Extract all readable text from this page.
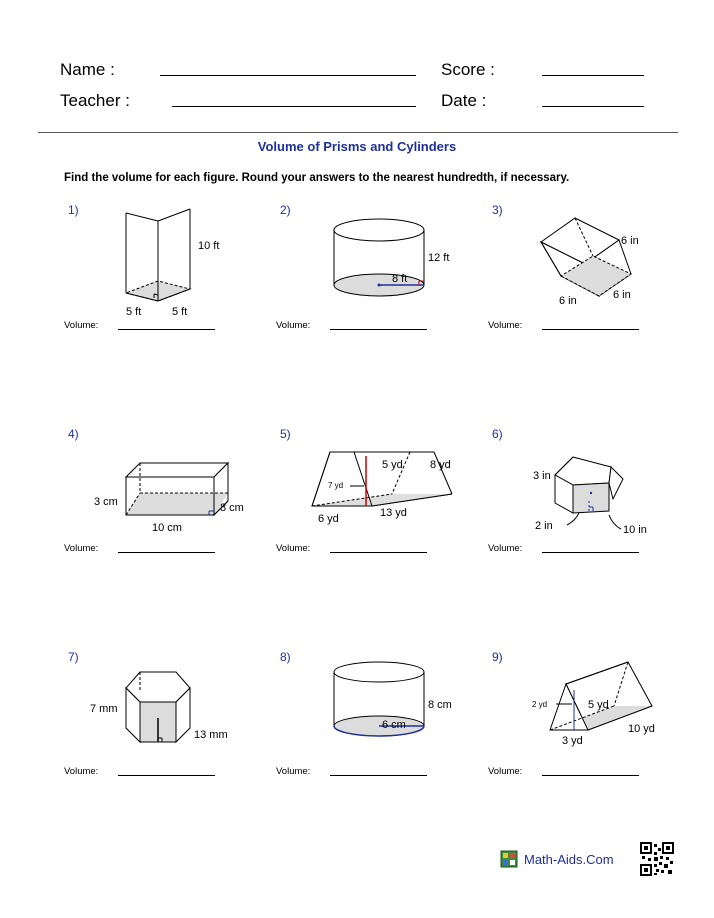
Name :	Score :
Teacher :	Date :
Volume of Prisms and Cylinders
Find the volume for each figure. Round your answers to the nearest hundredth, if necessary.
1)	2)	3)
4)	5)	6)
7)	8)	9)
Volume:	Volume:	Volume:
Volume:	Volume:	Volume:
Volume:	Volume:	Volume:
10 ft
5 ft	5 ft
12 ft
8 ft
6 in
6 in	6 in
3 cm	8 cm
10 cm
5 yd 8 yd
7 yd
6 yd	13 yd
3 in
2 in	10 in
7 mm
13 mm
8 cm
6 cm
2 yd	5 yd
3 yd
10 yd
Math-Aids.Com
